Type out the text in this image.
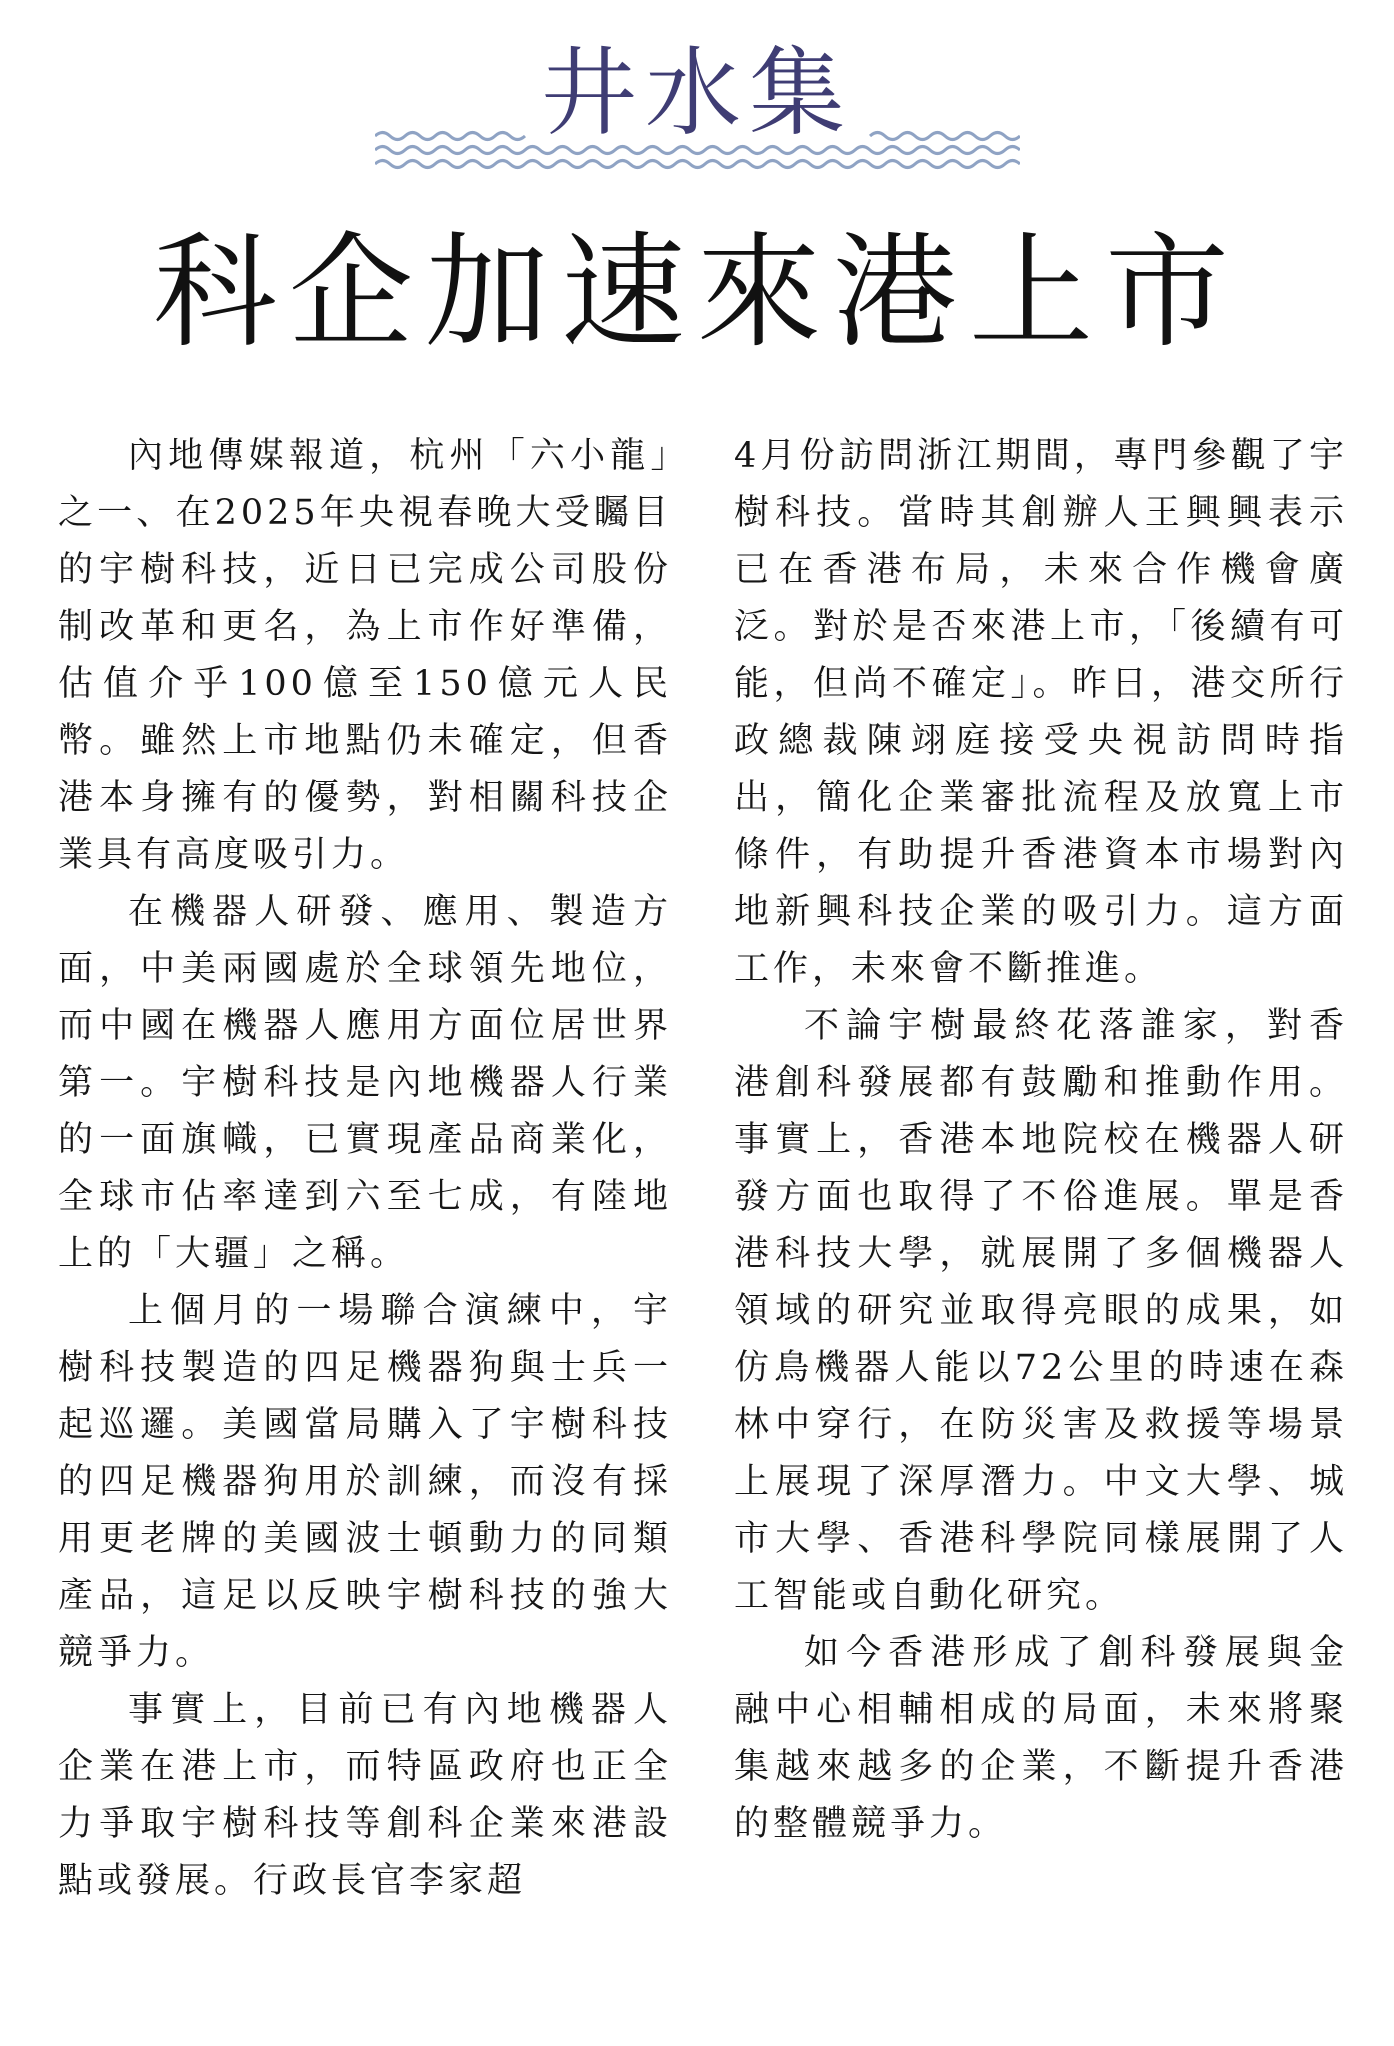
井水集
科企加速來港上市

內地傳媒報道，杭州「六小龍」之一、在2025年央視春晚大受矚目的宇樹科技，近日已完成公司股份制改革和更名，為上市作好準備，估值介乎100億至150億元人民幣。雖然上市地點仍未確定，但香港本身擁有的優勢，對相關科技企業具有高度吸引力。

在機器人研發、應用、製造方面，中美兩國處於全球領先地位，而中國在機器人應用方面位居世界第一。宇樹科技是內地機器人行業的一面旗幟，已實現產品商業化，全球市佔率達到六至七成，有陸地上的「大疆」之稱。

上個月的一場聯合演練中，宇樹科技製造的四足機器狗與士兵一起巡邏。美國當局購入了宇樹科技的四足機器狗用於訓練，而沒有採用更老牌的美國波士頓動力的同類產品，這足以反映宇樹科技的強大競爭力。

事實上，目前已有內地機器人企業在港上市，而特區政府也正全力爭取宇樹科技等創科企業來港設點或發展。行政長官李家超

4月份訪問浙江期間，專門參觀了宇樹科技。當時其創辦人王興興表示已在香港布局，未來合作機會廣泛。對於是否來港上市，「後續有可能，但尚不確定」。昨日，港交所行政總裁陳翊庭接受央視訪問時指出，簡化企業審批流程及放寬上市條件，有助提升香港資本市場對內地新興科技企業的吸引力。這方面工作，未來會不斷推進。

不論宇樹最終花落誰家，對香港創科發展都有鼓勵和推動作用。事實上，香港本地院校在機器人研發方面也取得了不俗進展。單是香港科技大學，就展開了多個機器人領域的研究並取得亮眼的成果，如仿鳥機器人能以72公里的時速在森林中穿行，在防災害及救援等場景上展現了深厚潛力。中文大學、城市大學、香港科學院同樣展開了人工智能或自動化研究。

如今香港形成了創科發展與金融中心相輔相成的局面，未來將聚集越來越多的企業，不斷提升香港的整體競爭力。
